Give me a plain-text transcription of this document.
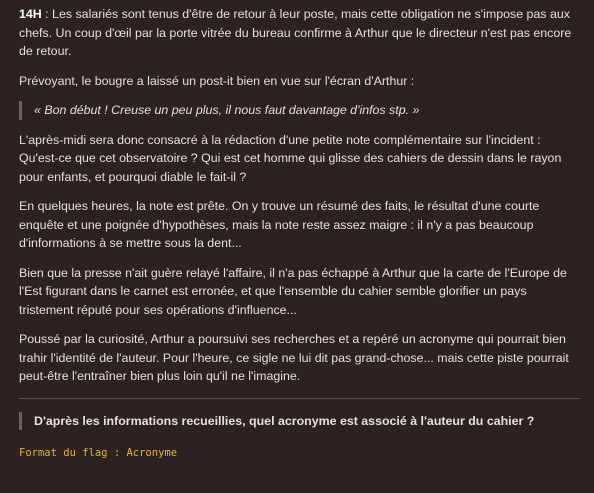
14H : Les salariés sont tenus d'être de retour à leur poste, mais cette obligation ne s'impose pas aux chefs. Un coup d'œil par la porte vitrée du bureau confirme à Arthur que le directeur n'est pas encore de retour.

Prévoyant, le bougre a laissé un post-it bien en vue sur l'écran d'Arthur :

« Bon début ! Creuse un peu plus, il nous faut davantage d'infos stp. »

L'après-midi sera donc consacré à la rédaction d'une petite note complémentaire sur l'incident : Qu'est-ce que cet observatoire ? Qui est cet homme qui glisse des cahiers de dessin dans le rayon pour enfants, et pourquoi diable le fait-il ?

En quelques heures, la note est prête. On y trouve un résumé des faits, le résultat d'une courte enquête et une poignée d'hypothèses, mais la note reste assez maigre : il n'y a pas beaucoup d'informations à se mettre sous la dent...

Bien que la presse n'ait guère relayé l'affaire, il n'a pas échappé à Arthur que la carte de l'Europe de l'Est figurant dans le carnet est erronée, et que l'ensemble du cahier semble glorifier un pays tristement réputé pour ses opérations d'influence...

Poussé par la curiosité, Arthur a poursuivi ses recherches et a repéré un acronyme qui pourrait bien trahir l'identité de l'auteur. Pour l'heure, ce sigle ne lui dit pas grand-chose... mais cette piste pourrait peut-être l'entraîner bien plus loin qu'il ne l'imagine.

D'après les informations recueillies, quel acronyme est associé à l'auteur du cahier ?
Format du flag : Acronyme
